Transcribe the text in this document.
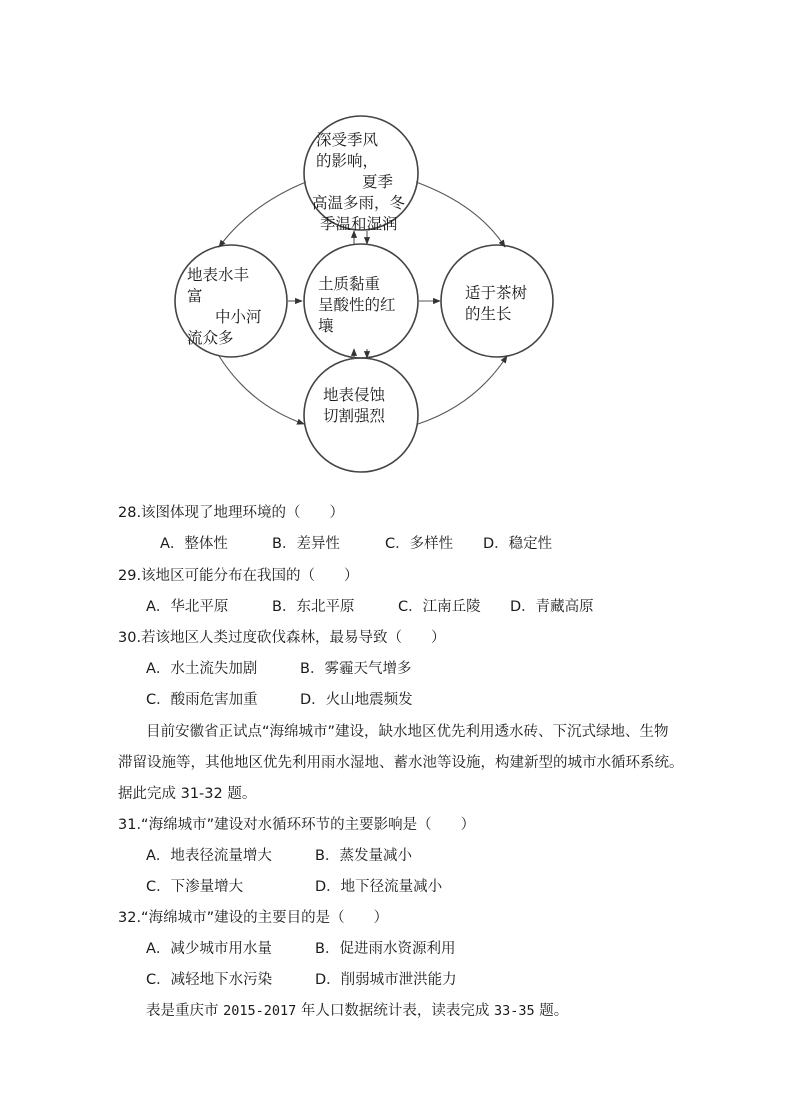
深受季风
的影响，
夏季
高温多雨，冬
季温和湿润
地表水丰
富
中小河
流众多
土质黏重
呈酸性的红
壤
适于茶树
的生长
地表侵蚀
切割强烈
28.该图体现了地理环境的（　　）
A．整体性	B．差异性	C．多样性 D．稳定性
29.该地区可能分布在我国的（　　）
A．华北平原	B．东北平原	C．江南丘陵 D．青藏高原
30.若该地区人类过度砍伐森林，最易导致（　　）
A．水土流失加剧	B．雾霾天气增多
C．酸雨危害加重	D．火山地震频发
目前安徽省正试点“海绵城市”建设，缺水地区优先利用透水砖、下沉式绿地、生物
滞留设施等，其他地区优先利用雨水湿地、蓄水池等设施，构建新型的城市水循环系统。
据此完成 31-32 题。
31.“海绵城市”建设对水循环环节的主要影响是（　　）
A．地表径流量增大	B．蒸发量减小
C．下渗量增大	D．地下径流量减小
32.“海绵城市”建设的主要目的是（　　）
A．减少城市用水量	B．促进雨水资源利用
C．减轻地下水污染	D．削弱城市泄洪能力
表是重庆市 2015-2017 年人口数据统计表，读表完成 33-35 题。
